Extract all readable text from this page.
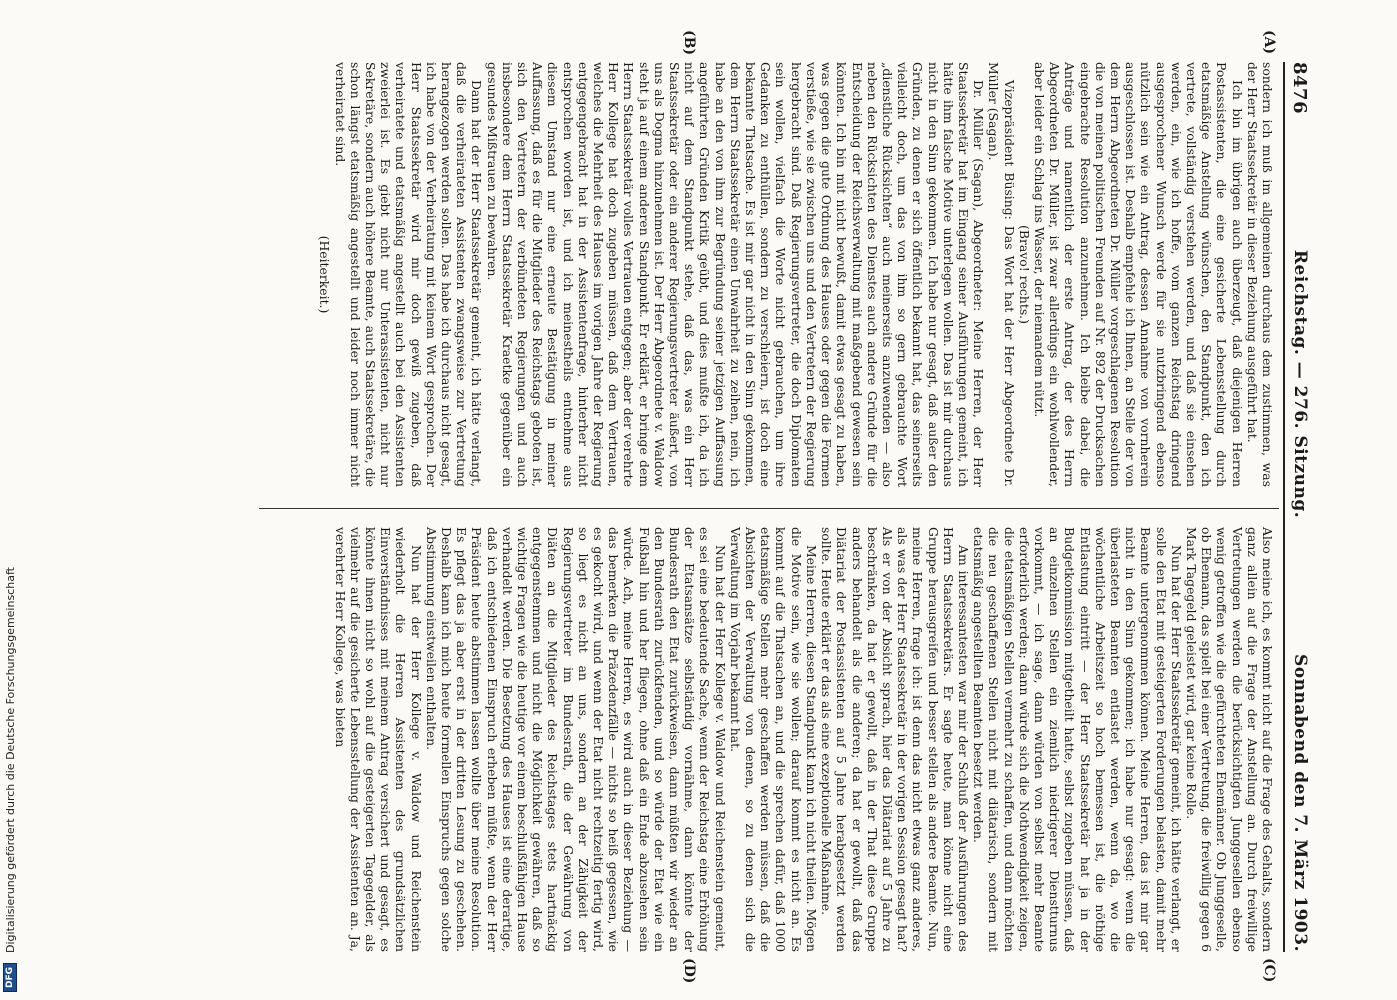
8476
Reichstag. — 276. Sitzung.
Sonnabend den 7. März 1903.

sondern ich muß im allgemeinen durchaus dem zustimmen, was der Herr Staatssekretär in dieser Beziehung ausgeführt hat.

Ich bin im übrigen auch überzeugt, daß diejenigen Herren Postassistenten, die eine gesicherte Lebensstellung durch etatsmäßige Anstellung wünschen, den Standpunkt, den ich vertrete, vollständig verstehen werden, und daß sie einsehen werden, ein, wie ich hoffe, vom ganzen Reichstag dringend ausgesprochener Wunsch werde für sie nutzbringend ebenso nützlich sein wie ein Antrag, dessen Annahme von vornherein ausgeschlossen ist. Deshalb empfehle ich Ihnen, an Stelle der von dem Herrn Abgeordneten Dr. Müller vorgeschlagenen Resolution die von meinen politischen Freunden auf Nr. 892 der Drucksachen eingebrachte Resolution anzunehmen. Ich bleibe dabei, die Anträge und namentlich der erste Antrag, der des Herrn Abgeordneten Dr. Müller, ist zwar allerdings ein wohlwollender, aber leider ein Schlag ins Wasser, der niemandem nützt.

(Bravo! rechts.)

Vizepräsident Büsing: Das Wort hat der Herr Abgeordnete Dr. Müller (Sagan).

Dr. Müller (Sagan), Abgeordneter: Meine Herren, der Herr Staatssekretär hat im Eingang seiner Ausführungen gemeint, ich hätte ihm falsche Motive unterlegen wollen. Das ist mir durchaus nicht in den Sinn gekommen. Ich habe nur gesagt, daß außer den Gründen, zu denen er sich öffentlich bekannt hat, das seinerseits vielleicht doch, um das von ihm so gern gebrauchte Wort „dienstliche Rücksichten“ auch meinerseits anzuwenden — also neben den Rücksichten des Dienstes auch andere Gründe für die Entscheidung der Reichsverwaltung mit maßgebend gewesen sein könnten. Ich bin mit nicht bewußt, damit etwas gesagt zu haben, was gegen die gute Ordnung des Hauses oder gegen die Formen verstieße, wie sie zwischen uns und den Vertretern der Regierung hergebracht sind. Daß Regierungsvertreter, die doch Diplomaten sein wollen, vielfach die Worte nicht gebrauchen, um ihre Gedanken zu enthüllen, sondern zu verschleiern, ist doch eine bekannte Thatsache. Es ist mir gar nicht in den Sinn gekommen, dem Herrn Staatssekretär einen Unwahrheit zu zeihen, nein, ich habe an den von ihm zur Begründung seiner jetzigen Auffassung angeführten Gründen Kritik geübt, und dies mußte ich, da ich nicht auf dem Standpunkt stehe, daß das, was ein Herr Staatssekretär oder ein anderer Regierungsvertreter äußert, von uns als Dogma hinzunehmen ist. Der Herr Abgeordnete v. Waldow steht ja auf einem anderen Standpunkt. Er erklärt, er bringe dem Herrn Staatssekretär volles Vertrauen entgegen; aber der verehrte Herr Kollege hat doch zugeben müssen, daß dem Vertrauen, welches die Mehrheit des Hauses im vorigen Jahre der Regierung entgegengebracht hat in der Assistentenfrage, hinterher nicht entsprochen worden ist, und ich meinestheils entnehme aus diesem Umstand nur eine erneute Bestätigung in meiner Auffassung, daß es für die Mitglieder des Reichstags geboten ist, sich den Vertretern der verbündeten Regierungen und auch insbesondere dem Herrn Staatssekretär Kraetke gegenüber ein gesundes Mißtrauen zu bewahren.

Dann hat der Herr Staatssekretär gemeint, ich hätte verlangt, daß die verheirateten Assistenten zwangsweise zur Vertretung herangezogen werden sollen. Das habe ich durchaus nicht gesagt, ich habe von der Verheiratung mit keinem Wort gesprochen. Der Herr Staatssekretär wird mir doch gewiß zugeben, daß verheiratete und etatsmäßig angestellt auch bei den Assistenten zweierlei ist. Es giebt nicht nur Unterassistenten, nicht nur Sekretäre, sondern auch höhere Beamte, auch Staatssekretäre, die schon längst etatsmäßig angestellt und leider noch immer nicht verheiratet sind.

(Heiterkeit.)

Also meine ich, es kommt nicht auf die Frage des Gehalts, sondern ganz allein auf die Frage der Anstellung an. Durch freiwillige Vertretungen werden die berücksichtigten Junggesellen ebenso wenig getroffen wie die gefürchteten Ehemänner. Ob Junggeselle, ob Ehemann, das spielt bei einer Vertretung, die freiwillig gegen 6 Mark Tagegeld geleistet wird, gar keine Rolle.

Nun hat der Herr Staatssekretär gemeint, ich hätte verlangt, er solle den Etat mit gesteigerten Forderungen belasten, damit mehr Beamte untergenommen können. Meine Herren, das ist mir gar nicht in den Sinn gekommen; ich habe nur gesagt: wenn die überlasteten Beamten entlastet werden, wenn da, wo die wöchentliche Arbeitszeit so hoch bemessen ist, die nöthige Entlastung eintritt — der Herr Staatssekretär hat ja in der Budgetkommission mitgetheilt hatte, selbst zugeben müssen, daß an einzelnen Stellen ein ziemlich niedrigerer Dienstturnus vorkommt, — ich sage, dann würden von selbst mehr Beamte erforderlich werden; dann würde sich die Nothwendigkeit zeigen, die etatsmäßigen Stellen vermehrt zu schaffen, und dann möchten die neu geschaffenen Stellen nicht mit diätarisch, sondern mit etatsmäßig angestellten Beamten besetzt werden.

Am interessantesten war mir der Schluß der Ausführungen des Herrn Staatssekretärs. Er sagte heute, man könne nicht eine Gruppe herausgreifen und besser stellen als andere Beamte. Nun, meine Herren, frage ich: ist denn das nicht etwas ganz anderes, als was der Herr Staatssekretär in der vorigen Session gesagt hat? Als er von der Absicht sprach, hier das Diätariat auf 5 Jahre zu beschränken, da hat er gewollt, daß in der That diese Gruppe anders behandelt als die anderen; da hat er gewollt, daß das Diätariat der Postassistenten auf 5 Jahre herabgesetzt werden sollte. Heute erklärt er das als eine exzeptionelle Maßnahme.

Meine Herren, diesen Standpunkt kann ich nicht theilen. Mögen die Motive sein, wie sie wollen; darauf kommt es nicht an. Es kommt auf die Thatsachen an, und die sprechen dafür, daß 1000 etatsmäßige Stellen mehr geschaffen werden müssen, daß die Absichten der Verwaltung von denen, so zu denen sich die Verwaltung im Vorjahr bekannt hat.

Nun hat der Herr Kollege v. Waldow und Reichenstein gemeint, es sei eine bedeutende Sache, wenn der Reichstag eine Erhöhung der Etatsansätze selbständig vornähme, dann könnte der Bundesrath den Etat zurückweisen, dann müßten wir wieder an den Bundesrath zurückfenden, und so würde der Etat wie ein Fußball hin und her fliegen, ohne daß ein Ende abzusehen sein würde. Ach, meine Herren, es wird auch in dieser Beziehung — das bemerken die Präzedenzfälle — nichts so heiß gegessen, wie es gekocht wird, und wenn der Etat nicht rechtzeitig fertig wird, so liegt es nicht an uns, sondern an der Zähigkeit der Regierungsvertreter im Bundesrath, die der Gewährung von Diäten an die Mitglieder des Reichstages stets hartnäckig entgegenstemmen und nicht die Möglichkeit gewähren, daß so wichtige Fragen wie die heutige vor einem beschlußfähigen Hause verhandelt werden. Die Besetzung des Hauses ist eine derartige, daß ich entschiedenen Einspruch erheben müßte, wenn der Herr Präsident heute abstimmen lassen wollte über meine Resolution. Es pflegt das ja aber erst in der dritten Lesung zu geschehen. Deshalb kann ich mich heute formellen Einspruchs gegen solche Abstimmung einstweilen enthalten.

Nun hat der Herr Kollege v. Waldow und Reichenstein wiederholt die Herren Assistenten des grundsätzlichen Einverständnisses mit meinem Antrag versichert und gesagt, es könnte ihnen nicht so wohl auf die gesteigerten Tagegelder, als vielmehr auf die gesicherte Lebensstellung der Assistenten an. Ja, verehrter Herr Kollege, was bieten

(A)
(B)
(C)
(D)
DFG
Digitalisierung gefördert durch die Deutsche Forschungsgemeinschaft
